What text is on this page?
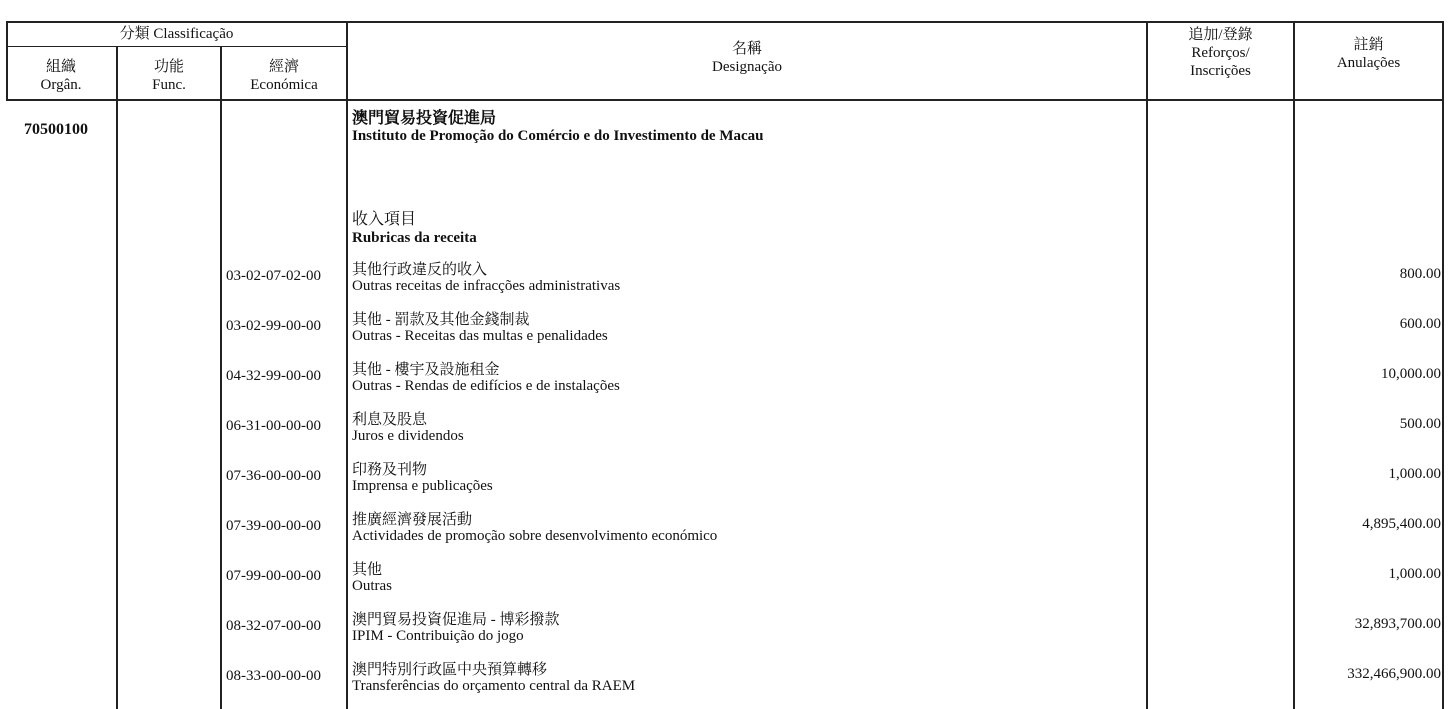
分類 Classificação
組織
Orgân.
功能
Func.
經濟
Económica
名稱
Designação
追加/登錄
Reforços/
Inscrições
註銷
Anulações
70500100
澳門貿易投資促進局
Instituto de Promoção do Comércio e do Investimento de Macau
收入項目
Rubricas da receita
03-02-07-02-00 其他行政違反的收入
Outras receitas de infracções administrativas
800.00
03-02-99-00-00 其他 - 罰款及其他金錢制裁
Outras - Receitas das multas e penalidades
600.00
04-32-99-00-00 其他 - 樓宇及設施租金
Outras - Rendas de edifícios e de instalações
10,000.00
06-31-00-00-00 利息及股息
Juros e dividendos
500.00
07-36-00-00-00 印務及刊物
Imprensa e publicações
1,000.00
07-39-00-00-00 推廣經濟發展活動
Actividades de promoção sobre desenvolvimento económico
4,895,400.00
07-99-00-00-00 其他
Outras
1,000.00
08-32-07-00-00 澳門貿易投資促進局 - 博彩撥款
IPIM - Contribuição do jogo
32,893,700.00
08-33-00-00-00 澳門特別行政區中央預算轉移
Transferências do orçamento central da RAEM
332,466,900.00
